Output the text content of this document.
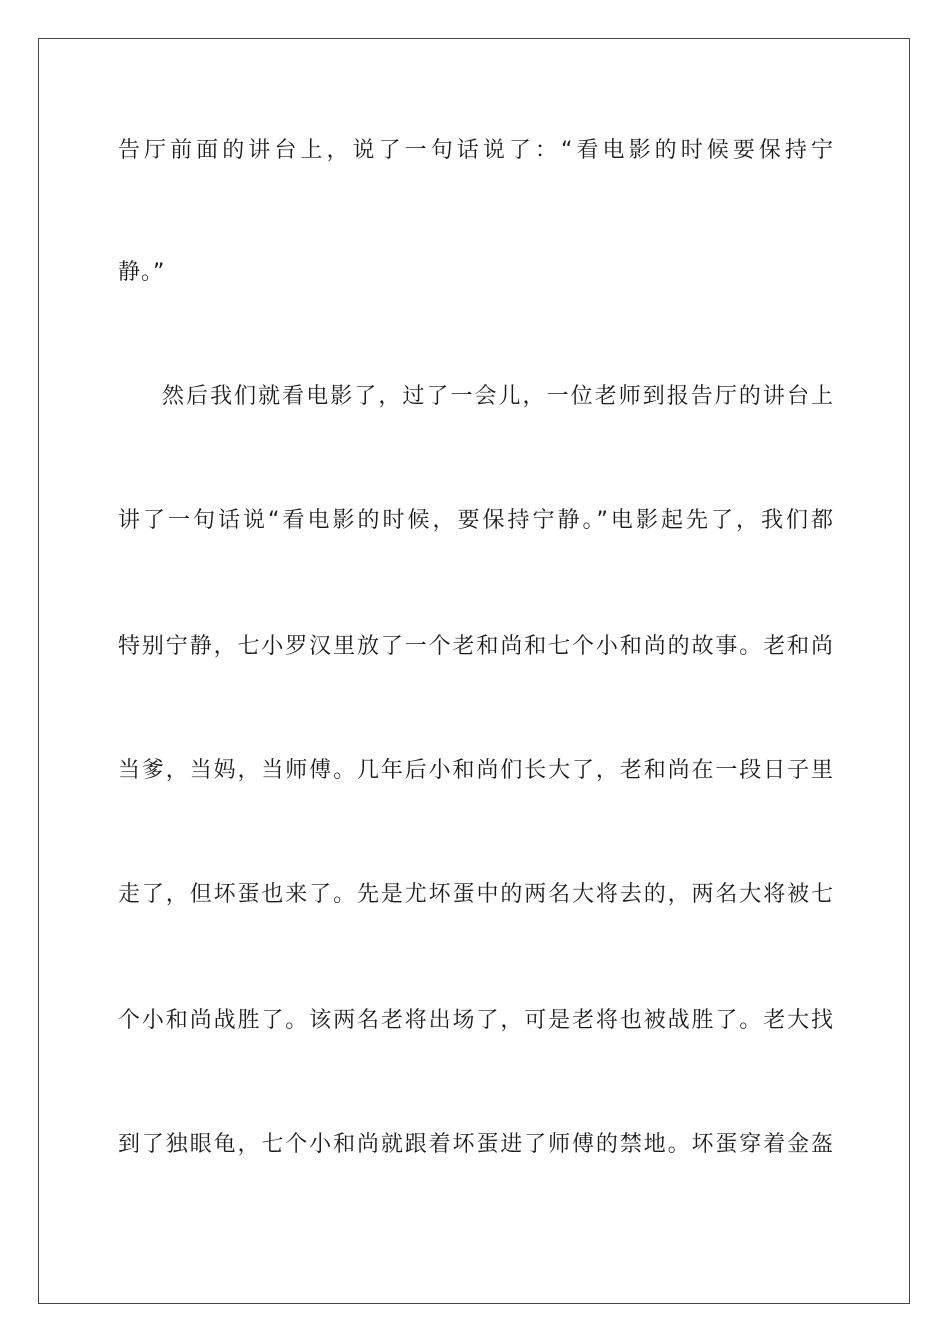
告厅前面的讲台上，说了一句话说了：“看电影的时候要保持宁
静。”
然后我们就看电影了，过了一会儿，一位老师到报告厅的讲台上
讲了一句话说“看电影的时候，要保持宁静。”电影起先了，我们都
特别宁静，七小罗汉里放了一个老和尚和七个小和尚的故事。老和尚
当爹，当妈，当师傅。几年后小和尚们长大了，老和尚在一段日子里
走了，但坏蛋也来了。先是尤坏蛋中的两名大将去的，两名大将被七
个小和尚战胜了。该两名老将出场了，可是老将也被战胜了。老大找
到了独眼龟，七个小和尚就跟着坏蛋进了师傅的禁地。坏蛋穿着金盔
